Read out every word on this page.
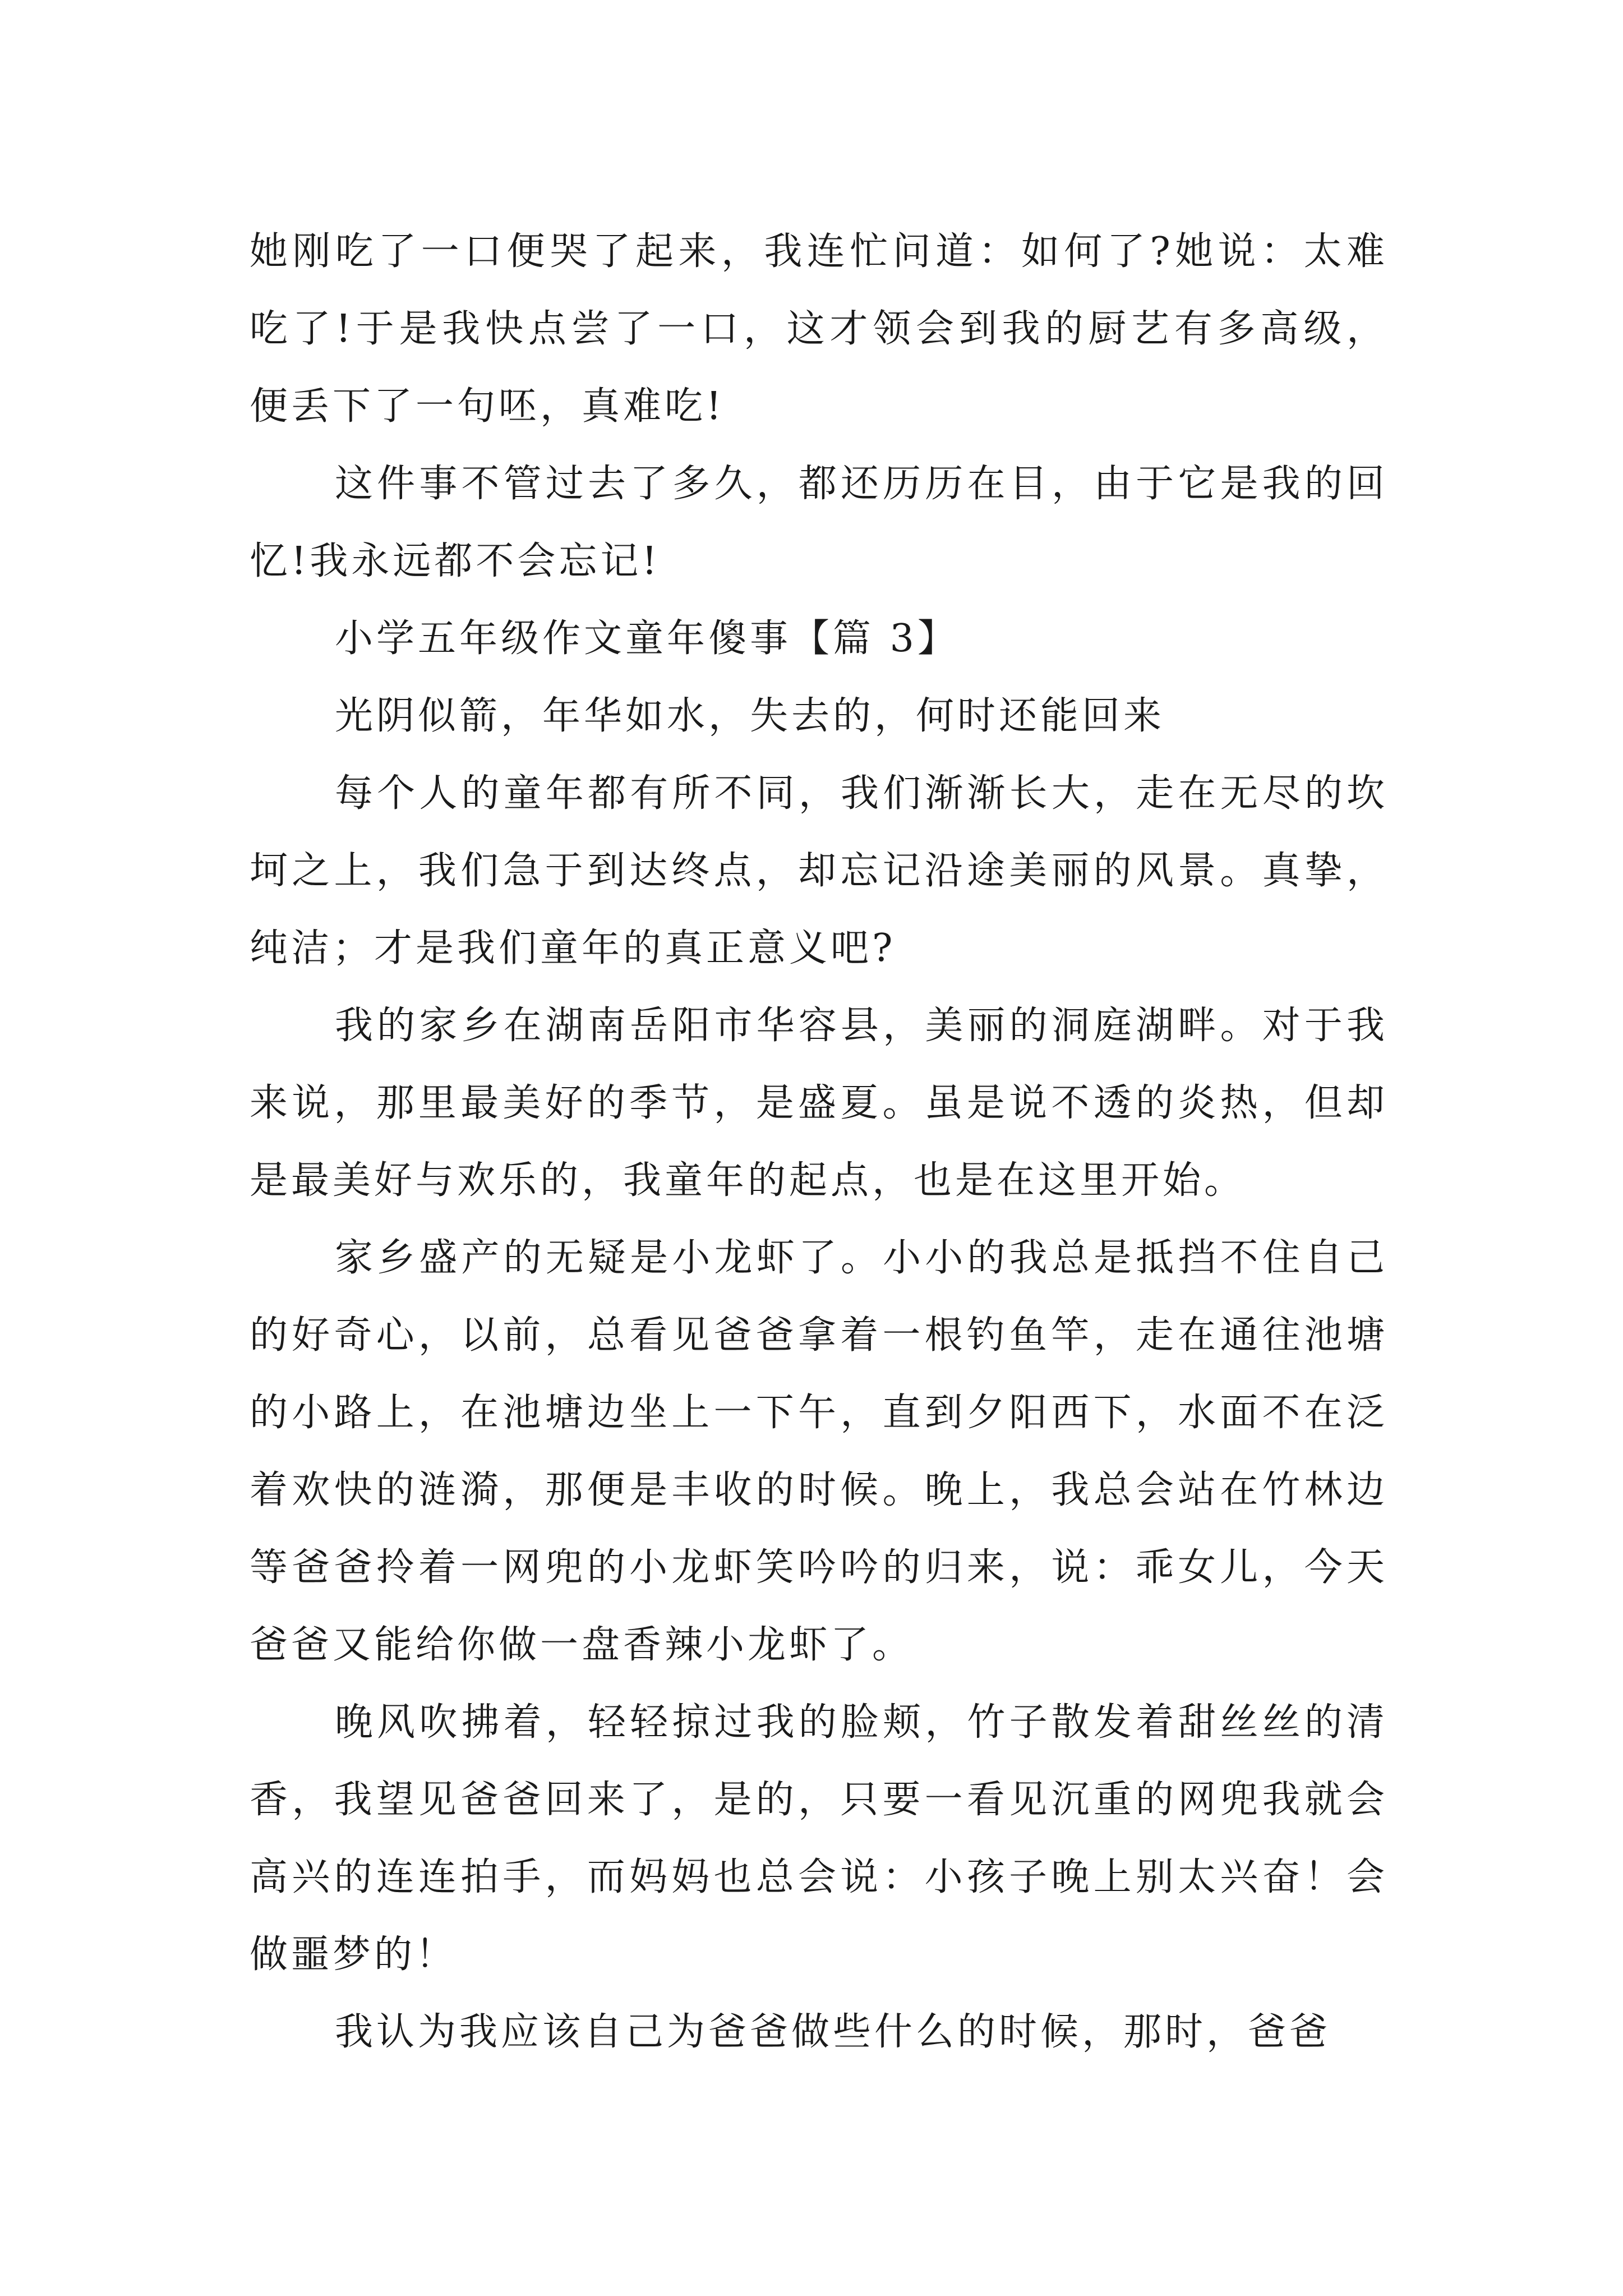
她刚吃了一口便哭了起来，我连忙问道：如何了?她说：太难吃了!于是我快点尝了一口，这才领会到我的厨艺有多高级，便丢下了一句呸，真难吃!

这件事不管过去了多久，都还历历在目，由于它是我的回忆!我永远都不会忘记!

小学五年级作文童年傻事【篇 3】

光阴似箭，年华如水，失去的，何时还能回来

每个人的童年都有所不同，我们渐渐长大，走在无尽的坎坷之上，我们急于到达终点，却忘记沿途美丽的风景。真挚，纯洁；才是我们童年的真正意义吧?

我的家乡在湖南岳阳市华容县，美丽的洞庭湖畔。对于我来说，那里最美好的季节，是盛夏。虽是说不透的炎热，但却是最美好与欢乐的，我童年的起点，也是在这里开始。

家乡盛产的无疑是小龙虾了。小小的我总是抵挡不住自己的好奇心，以前，总看见爸爸拿着一根钓鱼竿，走在通往池塘的小路上，在池塘边坐上一下午，直到夕阳西下，水面不在泛着欢快的涟漪，那便是丰收的时候。晚上，我总会站在竹林边等爸爸拎着一网兜的小龙虾笑吟吟的归来，说：乖女儿，今天爸爸又能给你做一盘香辣小龙虾了。

晚风吹拂着，轻轻掠过我的脸颊，竹子散发着甜丝丝的清香，我望见爸爸回来了，是的，只要一看见沉重的网兜我就会高兴的连连拍手，而妈妈也总会说：小孩子晚上别太兴奋！会做噩梦的！

我认为我应该自己为爸爸做些什么的时候，那时，爸爸
